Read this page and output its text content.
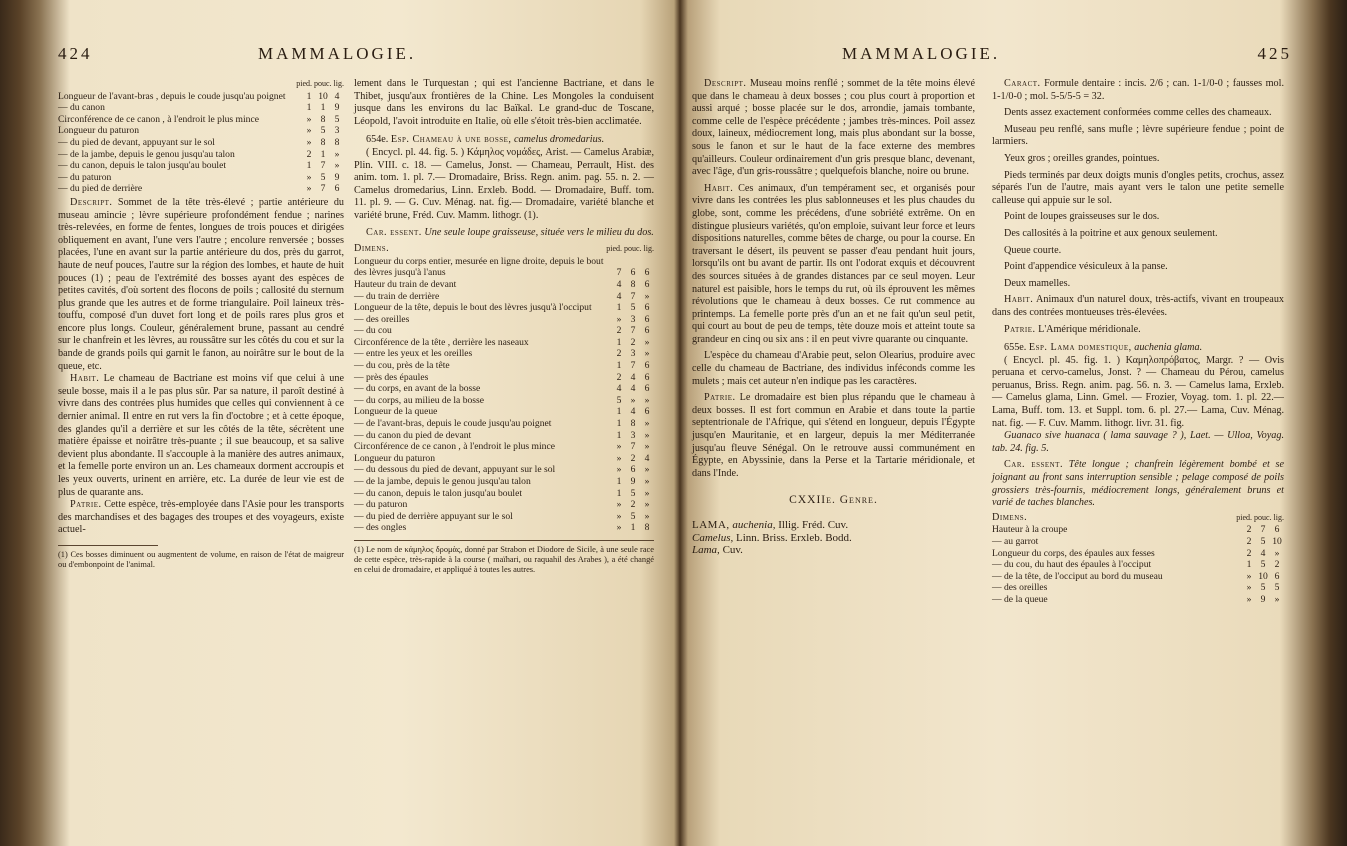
424	MAMMALOGIE.
pied. pouc. lig.
Longueur de l'avant-bras , depuis le coude jusqu'au poignet	1	10	4
— du canon	1	1	9
Circonférence de ce canon , à l'endroit le plus mince	»	8	5
Longueur du paturon	»	5	3
— du pied de devant, appuyant sur le sol	»	8	8
— de la jambe, depuis le genou jusqu'au talon	2	1	»
— du canon, depuis le talon jusqu'au boulet	1	7	»
— du paturon	»	5	9
— du pied de derrière	»	7	6

Descript. Sommet de la tête très-élevé ; partie antérieure du museau amincie ; lèvre supérieure profondément fendue ; narines très-relevées, en forme de fentes, longues de trois pouces et dirigées obliquement en avant, l'une vers l'autre ; encolure renversée ; bosses placées, l'une en avant sur la partie antérieure du dos, près du garrot, haute de neuf pouces, l'autre sur la région des lombes, et haute de huit pouces (1) ; peau de l'extrémité des bosses ayant des espèces de petites cavités, d'où sortent des flocons de poils ; callosité du sternum plus grande que les autres et de forme triangulaire. Poil laineux très-touffu, composé d'un duvet fort long et de poils rares plus gros et encore plus longs. Couleur, généralement brune, passant au cendré sur le chanfrein et les lèvres, au roussâtre sur les côtés du cou et sur la bande de grands poils qui garnit le fanon, au noirâtre sur le bout de la queue, etc.

Habit. Le chameau de Bactriane est moins vif que celui à une seule bosse, mais il a le pas plus sûr. Par sa nature, il paroît destiné à vivre dans des contrées plus humides que celles qui conviennent à ce dernier animal. Il entre en rut vers la fin d'octobre ; et à cette époque, des glandes qu'il a derrière et sur les côtés de la tête, sécrètent une matière épaisse et noirâtre très-puante ; il sue beaucoup, et sa salive devient plus abondante. Il s'accouple à la manière des autres animaux, et la femelle porte environ un an. Les chameaux dorment accroupis et les yeux ouverts, urinent en arrière, etc. La durée de leur vie est de plus de quarante ans.

Patrie. Cette espèce, très-employée dans l'Asie pour les transports des marchandises et des bagages des troupes et des voyageurs, existe actuel-

(1) Ces bosses diminuent ou augmentent de volume, en raison de l'état de maigreur ou d'embonpoint de l'animal.

lement dans le Turquestan ; qui est l'ancienne Bactriane, et dans le Thibet, jusqu'aux frontières de la Chine. Les Mongoles la conduisent jusque dans les environs du lac Baïkal. Le grand-duc de Toscane, Léopold, l'avoit introduite en Italie, où elle s'étoit très-bien acclimatée.

654e. Esp. Chameau à une bosse, camelus dromedarius.

( Encycl. pl. 44. fig. 5. ) Κάμηλος νομάδες, Arist. — Camelus Arabiæ, Plin. VIII. c. 18. — Camelus, Jonst. — Chameau, Perrault, Hist. des anim. tom. 1. pl. 7.— Dromadaire, Briss. Regn. anim. pag. 55. n. 2. — Camelus dromedarius, Linn. Erxleb. Bodd. — Dromadaire, Buff. tom. 11. pl. 9. — G. Cuv. Ménag. nat. fig.— Dromadaire, variété blanche et variété brune, Fréd. Cuv. Mamm. lithogr. (1).

Car. essent. Une seule loupe graisseuse, située vers le milieu du dos.

Dimens.	pied. pouc. lig.

Longueur du corps entier, mesurée en ligne droite, depuis le bout des lèvres jusqu'à l'anus	7	6	6
Hauteur du train de devant	4	8	6
— du train de derrière	4	7	»
Longueur de la tête, depuis le bout des lèvres jusqu'à l'occiput	1	5	6
— des oreilles	»	3	6
— du cou	2	7	6
Circonférence de la tête , derrière les naseaux	1	2	»
— entre les yeux et les oreilles	2	3	»
— du cou, près de la tête	1	7	6
— près des épaules	2	4	6
— du corps, en avant de la bosse	4	4	6
— du corps, au milieu de la bosse	5	»	»
Longueur de la queue	1	4	6
— de l'avant-bras, depuis le coude jusqu'au poignet	1	8	»
— du canon du pied de devant	1	3	»
Circonférence de ce canon , à l'endroit le plus mince	»	7	»
Longueur du paturon	»	2	4
— du dessous du pied de devant, appuyant sur le sol	»	6	»
— de la jambe, depuis le genou jusqu'au talon	1	9	»
— du canon, depuis le talon jusqu'au boulet	1	5	»
— du paturon	»	2	»
— du pied de derrière appuyant sur le sol	»	5	»
— des ongles	»	1	8

(1) Le nom de κάμηλος δρομὰς, donné par Strabon et Diodore de Sicile, à une seule race de cette espèce, très-rapide à la course ( maïhari, ou raquahil des Arabes ), a été changé en celui de dromadaire, et appliqué à toutes les autres.

MAMMALOGIE.	425

Descript. Museau moins renflé ; sommet de la tête moins élevé que dans le chameau à deux bosses ; cou plus court à proportion et aussi arqué ; bosse placée sur le dos, arrondie, jamais tombante, comme celle de l'espèce précédente ; jambes très-minces. Poil assez doux, laineux, médiocrement long, mais plus abondant sur la bosse, sous le fanon et sur le haut de la face externe des membres qu'ailleurs. Couleur ordinairement d'un gris presque blanc, devenant, avec l'âge, d'un gris-roussâtre ; quelquefois blanche, noire ou brune.

Habit. Ces animaux, d'un tempérament sec, et organisés pour vivre dans les contrées les plus sablonneuses et les plus chaudes du globe, sont, comme les précédens, d'une sobriété extrême. On en distingue plusieurs variétés, qu'on emploie, suivant leur force et leurs dispositions naturelles, comme bêtes de charge, ou pour la course. En traversant le désert, ils peuvent se passer d'eau pendant huit jours, lorsqu'ils ont bu avant de partir. Ils ont l'odorat exquis et découvrent des sources situées à de grandes distances par ce seul moyen. Leur naturel est paisible, hors le temps du rut, où ils éprouvent les mêmes révolutions que le chameau à deux bosses. Ce rut commence au printemps. La femelle porte près d'un an et ne fait qu'un seul petit, qui court au bout de peu de temps, tète douze mois et atteint toute sa grandeur en cinq ou six ans : il en peut vivre quarante ou cinquante.

L'espèce du chameau d'Arabie peut, selon Olearius, produire avec celle du chameau de Bactriane, des individus inféconds comme les mulets ; mais cet auteur n'en indique pas les caractères.

Patrie. Le dromadaire est bien plus répandu que le chameau à deux bosses. Il est fort commun en Arabie et dans toute la partie septentrionale de l'Afrique, qui s'étend en longueur, depuis l'Égypte jusqu'en Mauritanie, et en largeur, depuis la mer Méditerranée jusqu'au fleuve Sénégal. On le retrouve aussi communément en Égypte, en Abyssinie, dans la Perse et la Tartarie méridionale, et dans l'Inde.

CXXIIe. Genre.

LAMA, auchenia, Illig. Fréd. Cuv.

Camelus, Linn. Briss. Erxleb. Bodd.

Lama, Cuv.

Caract. Formule dentaire : incis. 2/6 ; can. 1-1/0-0 ; fausses mol. 1-1/0-0 ; mol. 5-5/5-5 = 32.

Dents assez exactement conformées comme celles des chameaux.

Museau peu renflé, sans mufle ; lèvre supérieure fendue ; point de larmiers.

Yeux gros ; oreilles grandes, pointues.

Pieds terminés par deux doigts munis d'ongles petits, crochus, assez séparés l'un de l'autre, mais ayant vers le talon une petite semelle calleuse qui appuie sur le sol.

Point de loupes graisseuses sur le dos.

Des callosités à la poitrine et aux genoux seulement.

Queue courte.

Point d'appendice vésiculeux à la panse.

Deux mamelles.

Habit. Animaux d'un naturel doux, très-actifs, vivant en troupeaux dans des contrées montueuses très-élevées.

Patrie. L'Amérique méridionale.

655e. Esp. Lama domestique, auchenia glama.

( Encycl. pl. 45. fig. 1. ) Καμηλοπρόβατος, Margr. ? — Ovis peruana et cervo-camelus, Jonst. ? — Chameau du Pérou, camelus peruanus, Briss. Regn. anim. pag. 56. n. 3. — Camelus lama, Erxleb. — Camelus glama, Linn. Gmel. — Frozier, Voyag. tom. 1. pl. 22.— Lama, Buff. tom. 13. et Suppl. tom. 6. pl. 27.— Lama, Cuv. Ménag. nat. fig. — F. Cuv. Mamm. lithogr. livr. 31. fig.

Guanaco sive huanaca ( lama sauvage ? ), Laet. — Ulloa, Voyag. tab. 24. fig. 5.

Car. essent. Tête longue ; chanfrein légèrement bombé et se joignant au front sans interruption sensible ; pelage composé de poils grossiers très-fournis, médiocrement longs, généralement bruns et varié de taches blanches.

Dimens.	pied. pouc. lig.

Hauteur à la croupe	2	7	6
— au garrot	2	5	10
Longueur du corps, des épaules aux fesses	2	4	»
— du cou, du haut des épaules à l'occiput	1	5	2
— de la tête, de l'occiput au bord du museau	»	10	6
— des oreilles	»	5	5
— de la queue	»	9	»
